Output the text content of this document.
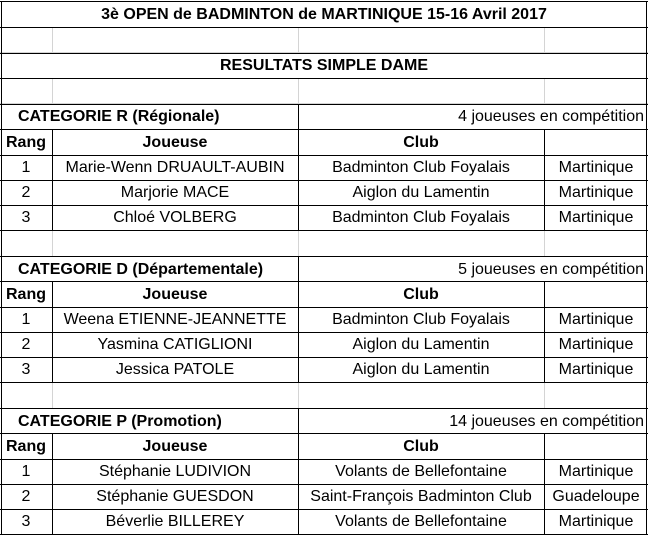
3è OPEN de BADMINTON de MARTINIQUE 15-16 Avril 2017
RESULTATS SIMPLE DAME
CATEGORIE R (Régionale)	4 joueuses en compétition
Rang	Joueuse	Club
1	Marie-Wenn DRUAULT-AUBIN	Badminton Club Foyalais	Martinique
2	Marjorie MACE	Aiglon du Lamentin	Martinique
3	Chloé VOLBERG	Badminton Club Foyalais	Martinique
CATEGORIE D (Départementale)	5 joueuses en compétition
Rang	Joueuse	Club
1	Weena ETIENNE-JEANNETTE	Badminton Club Foyalais	Martinique
2	Yasmina CATIGLIONI	Aiglon du Lamentin	Martinique
3	Jessica PATOLE	Aiglon du Lamentin	Martinique
CATEGORIE P (Promotion)	14 joueuses en compétition
Rang	Joueuse	Club
1	Stéphanie LUDIVION	Volants de Bellefontaine	Martinique
2	Stéphanie GUESDON	Saint-François Badminton Club	Guadeloupe
3	Béverlie BILLEREY	Volants de Bellefontaine	Martinique
